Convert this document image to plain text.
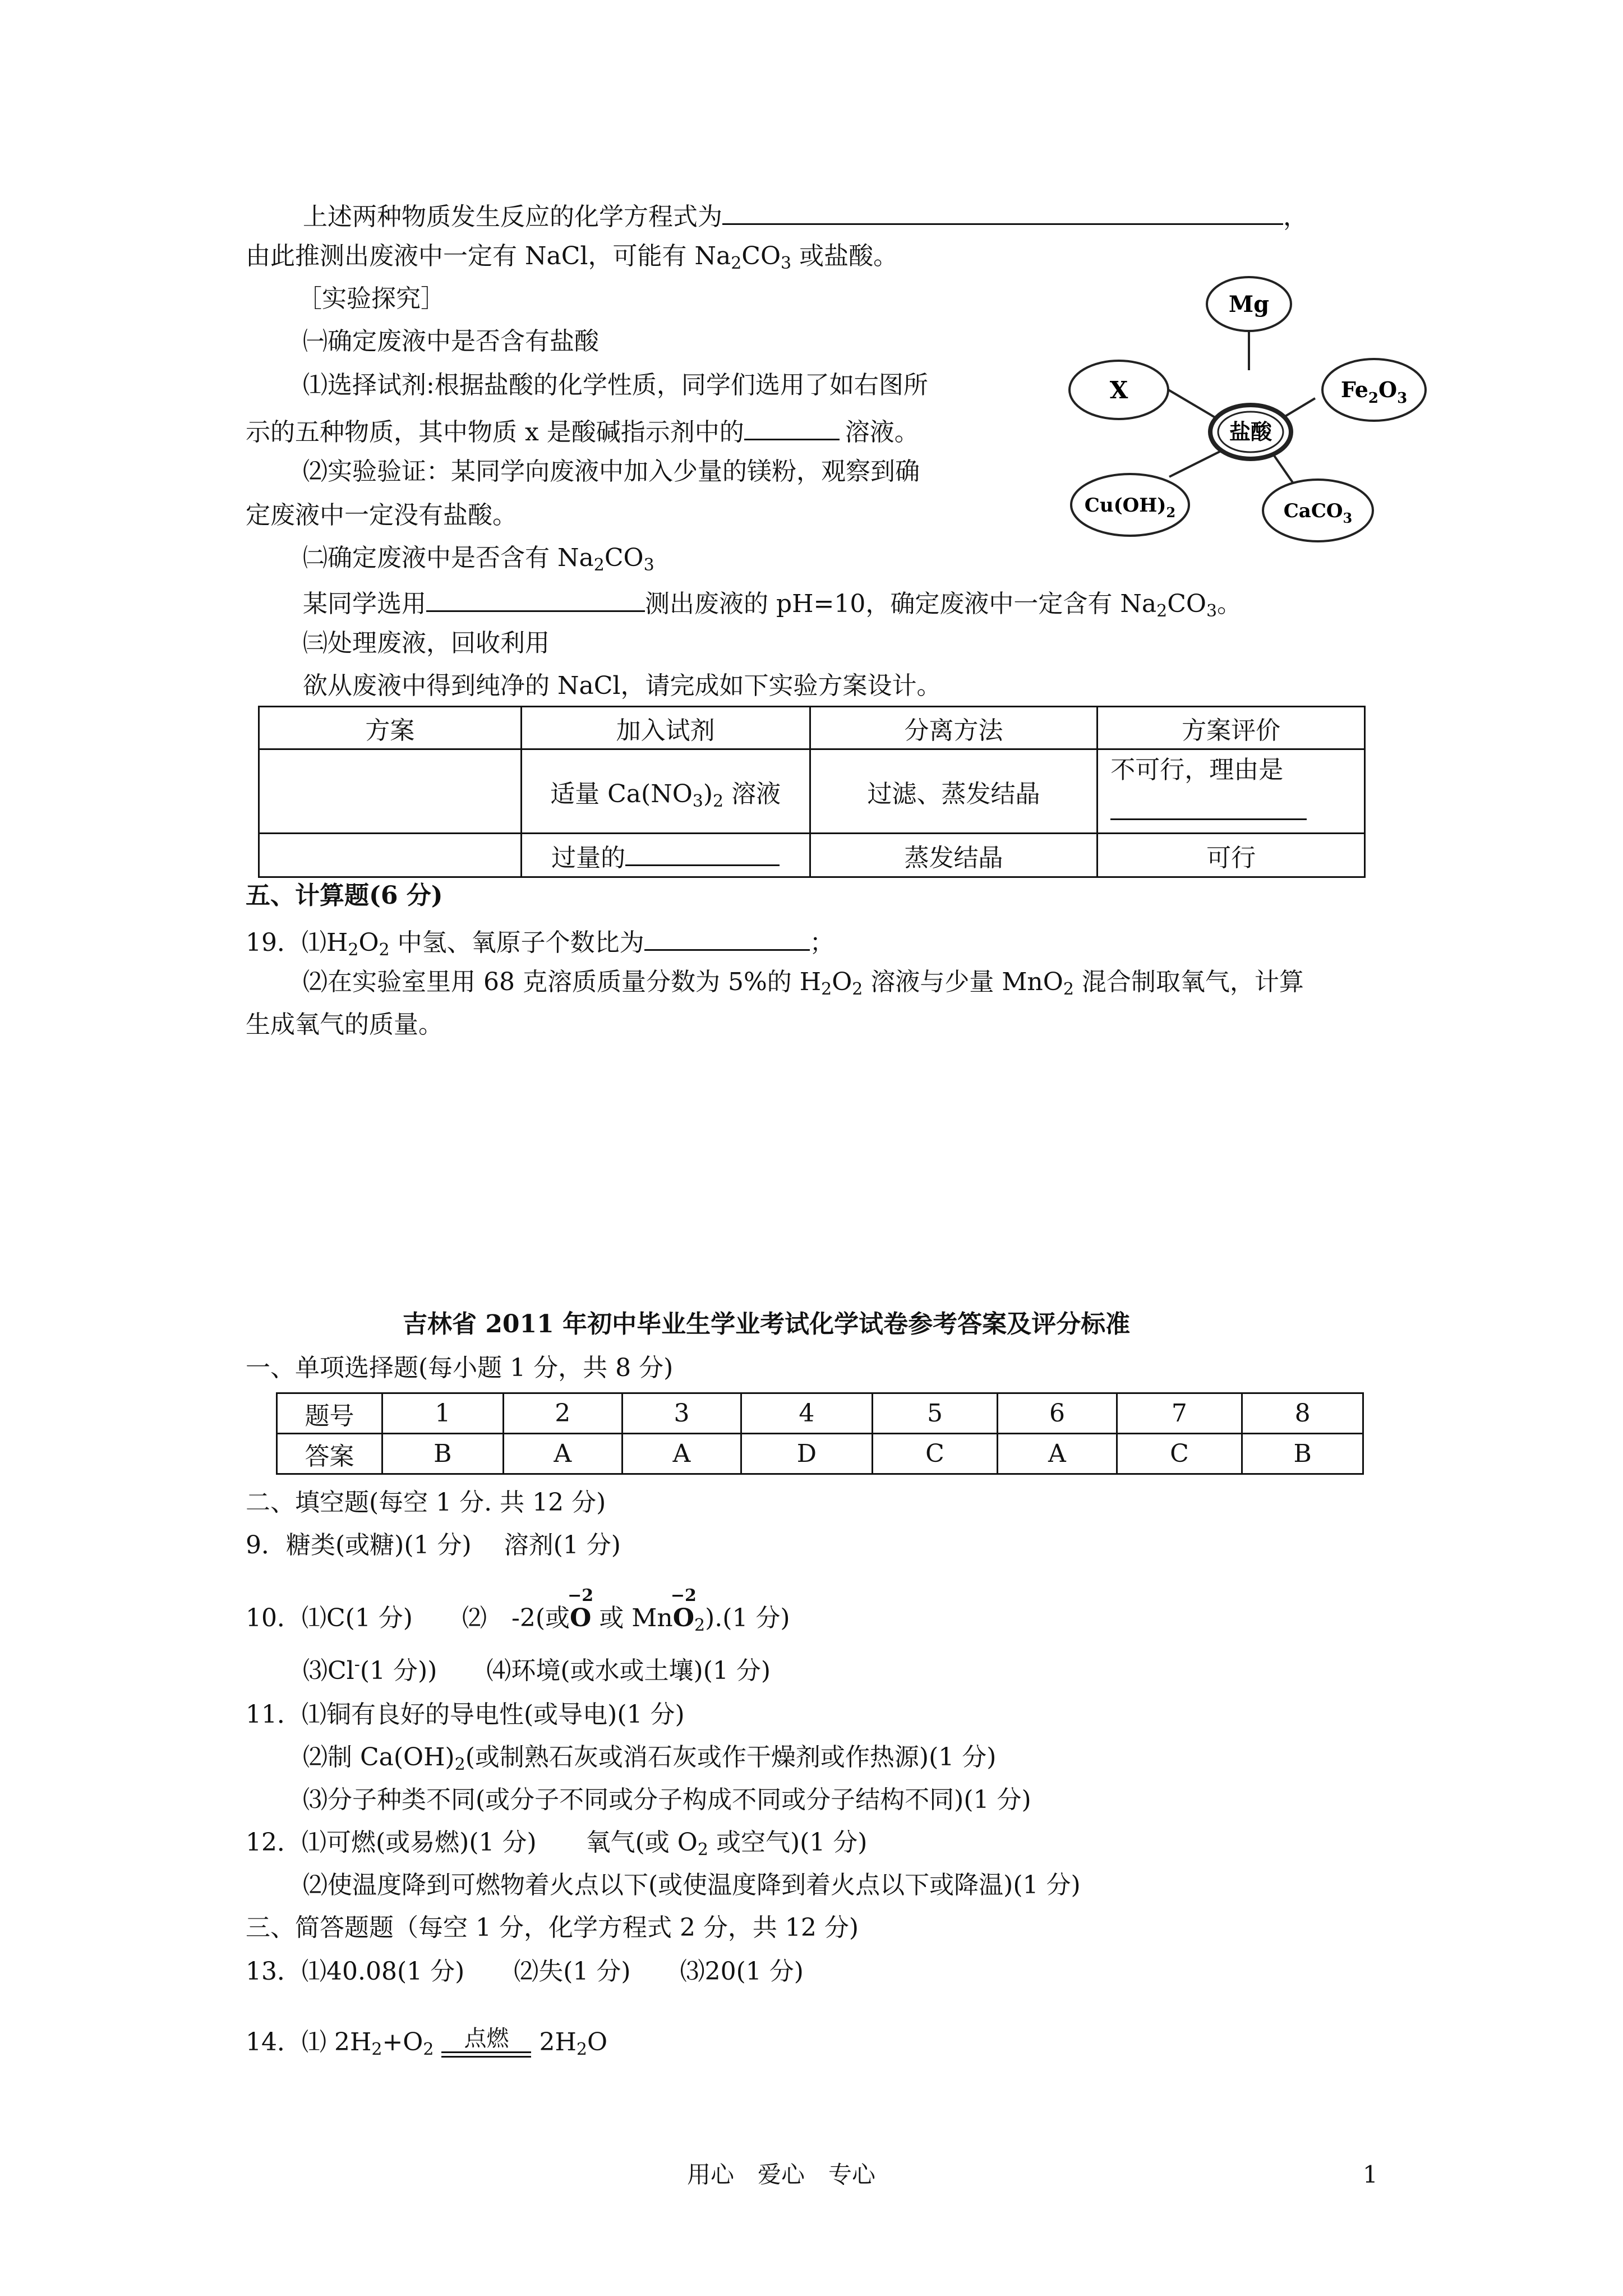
上述两种物质发生反应的化学方程式为	，
由此推测出废液中一定有 NaCl，可能有 $Na_2CO_3$ 或盐酸。
［实验探究］
㈠确定废液中是否含有盐酸
⑴选择试剂:根据盐酸的化学性质，同学们选用了如右图所
示的五种物质，其中物质 x 是酸碱指示剂中的	溶液。
⑵实验验证：某同学向废液中加入少量的镁粉，观察到确
定废液中一定没有盐酸。
㈡确定废液中是否含有 $Na_2CO_3$
某同学选用	测出废液的 pH=10，确定废液中一定含有 $Na_2CO_3$。
㈢处理废液，回收利用
欲从废液中得到纯净的 NaCl，请完成如下实验方案设计。
盐酸
Mg
X	$Fe_2O_3$
$Cu(OH)_2$	CaCO$_3$
方案	加入试剂	分离方法	方案评价
	适量 $Ca(NO_3)_2$ 溶液	过滤、蒸发结晶	不可行，理由是

	过量的	蒸发结晶	可行
五、计算题(6 分)
19．$⑴H_2O_2$ 中氢、氧原子个数比为	；
⑵在实验室里用 68 克溶质质量分数为 5%的 $H_2O_2$ 溶液与少量 MnO$_2$ 混合制取氧气，计算
生成氧气的质量。
吉林省 2011 年初中毕业生学业考试化学试卷参考答案及评分标准
一、单项选择题(每小题 1 分，共 8 分)
题号	1	2	3	4	5	6	7	8
答案	B	A	A	D	C	A	C	B
二、填空题(每空 1 分. 共 12 分)
9．糖类(或糖)(1 分)　 溶剂(1 分)
10．⑴C(1 分)　　⑵　-2(或
−2
O 或 Mn
−2
$O_2).(1$ 分)
⑶Cl-(1 分))　　⑷环境(或水或土壤)(1 分)
11．⑴铜有良好的导电性(或导电)(1 分)
⑵制 $Ca(OH)_2$(或制熟石灰或消石灰或作干燥剂或作热源)(1 分)
⑶分子种类不同(或分子不同或分子构成不同或分子结构不同)(1 分)
12．⑴可燃(或易燃)(1 分)　　氧气(或 $O_2$ 或空气)(1 分)
⑵使温度降到可燃物着火点以下(或使温度降到着火点以下或降温)(1 分)
三、简答题题（每空 1 分，化学方程式 2 分，共 12 分)
13．⑴40.08(1 分)　　⑵失(1 分)　　⑶20(1 分)
14．⑴ $2H_2+O_2$	点燃	$2H_2O$
用心　爱心　专心	1
